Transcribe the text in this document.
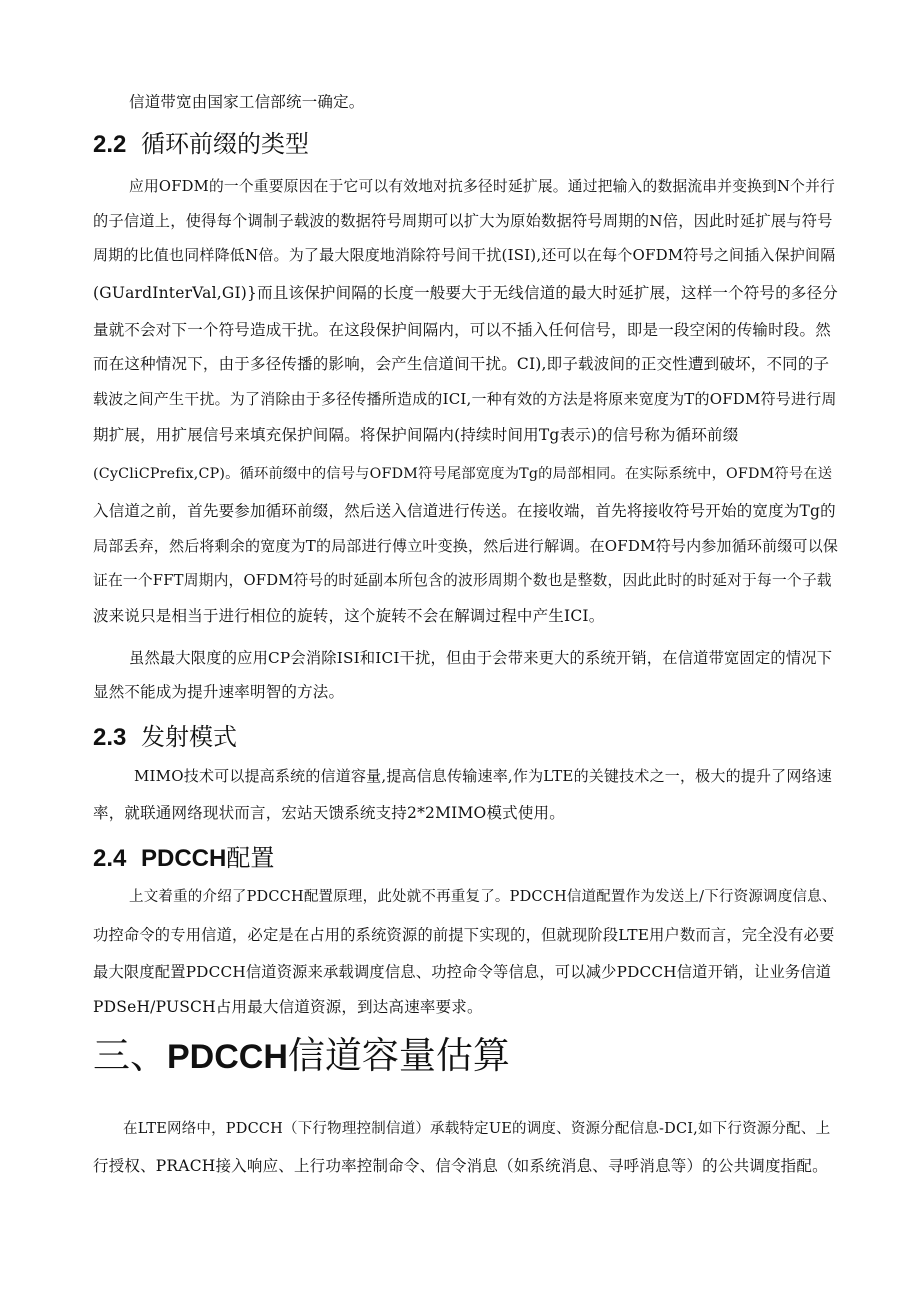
信道带宽由国家工信部统一确定。
2.2 循环前缀的类型
应用OFDM的一个重要原因在于它可以有效地对抗多径时延扩展。通过把输入的数据流串并变换到N个并行
的子信道上，使得每个调制子载波的数据符号周期可以扩大为原始数据符号周期的N倍，因此时延扩展与符号
周期的比值也同样降低N倍。为了最大限度地消除符号间干扰(ISI),还可以在每个OFDM符号之间插入保护间隔
(GUardInterVal,GI)}而且该保护间隔的长度一般要大于无线信道的最大时延扩展，这样一个符号的多径分
量就不会对下一个符号造成干扰。在这段保护间隔内，可以不插入任何信号，即是一段空闲的传输时段。然
而在这种情况下，由于多径传播的影响，会产生信道间干扰。CI),即子载波间的正交性遭到破坏，不同的子
载波之间产生干扰。为了消除由于多径传播所造成的ICI,一种有效的方法是将原来宽度为T的OFDM符号进行周
期扩展，用扩展信号来填充保护间隔。将保护间隔内(持续时间用Tg表示)的信号称为循环前缀
(CyCliCPrefix,CP)。循环前缀中的信号与OFDM符号尾部宽度为Tg的局部相同。在实际系统中，OFDM符号在送
入信道之前，首先要参加循环前缀，然后送入信道进行传送。在接收端，首先将接收符号开始的宽度为Tg的
局部丢弃，然后将剩余的宽度为T的局部进行傅立叶变换，然后进行解调。在OFDM符号内参加循环前缀可以保
证在一个FFT周期内，OFDM符号的时延副本所包含的波形周期个数也是整数，因此此时的时延对于每一个子载
波来说只是相当于进行相位的旋转，这个旋转不会在解调过程中产生ICI。
虽然最大限度的应用CP会消除ISI和ICI干扰，但由于会带来更大的系统开销，在信道带宽固定的情况下
显然不能成为提升速率明智的方法。
2.3 发射模式
MIMO技术可以提高系统的信道容量,提高信息传输速率,作为LTE的关键技术之一，极大的提升了网络速
率，就联通网络现状而言，宏站天馈系统支持2*2MIMO模式使用。
2.4 PDCCH配置
上文着重的介绍了PDCCH配置原理，此处就不再重复了。PDCCH信道配置作为发送上/下行资源调度信息、
功控命令的专用信道，必定是在占用的系统资源的前提下实现的，但就现阶段LTE用户数而言，完全没有必要
最大限度配置PDCCH信道资源来承载调度信息、功控命令等信息，可以减少PDCCH信道开销，让业务信道
PDSeH/PUSCH占用最大信道资源，到达高速率要求。
三、PDCCH信道容量估算
在LTE网络中，PDCCH（下行物理控制信道）承载特定UE的调度、资源分配信息-DCI,如下行资源分配、上
行授权、PRACH接入响应、上行功率控制命令、信令消息（如系统消息、寻呼消息等）的公共调度指配。
